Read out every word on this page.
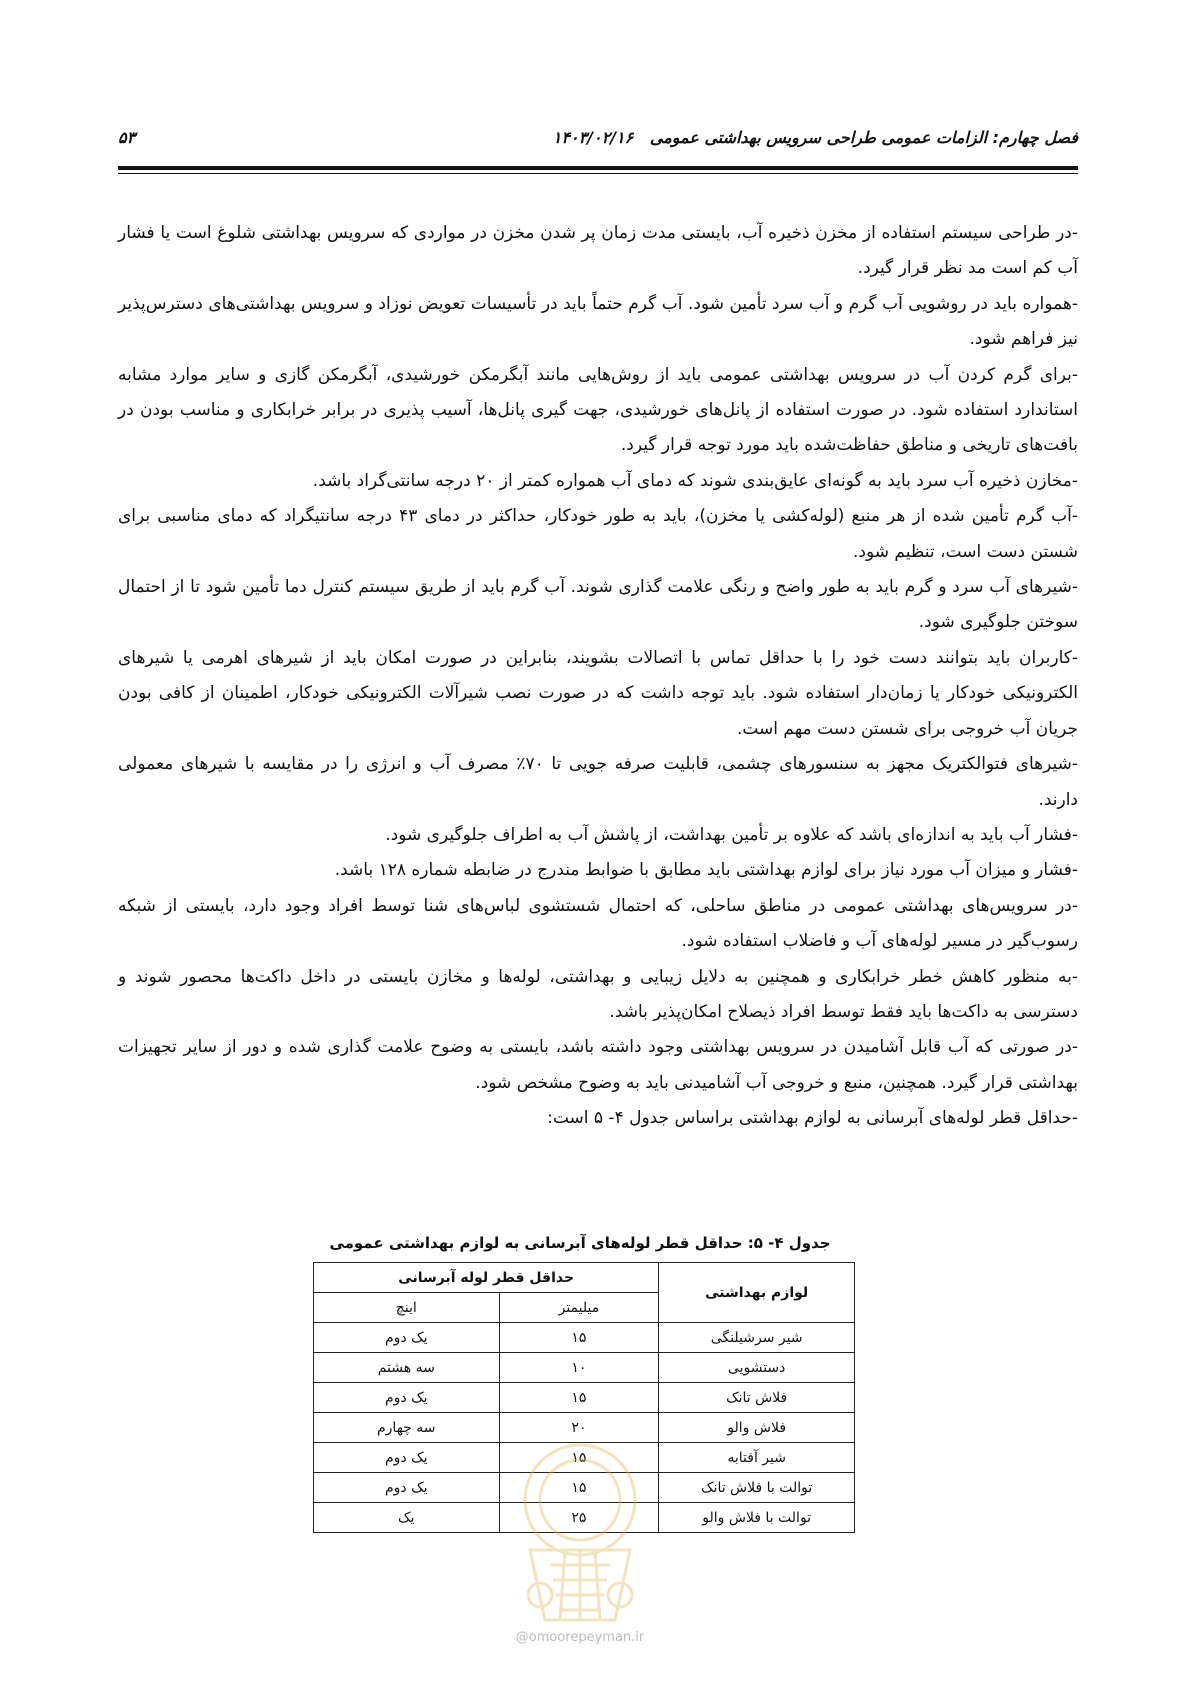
فصل چهارم: الزامات عمومی طراحی سرویس بهداشتی عمومی
۱۴۰۳/۰۲/۱۶
۵۳

-در طراحی سیستم استفاده از مخزن ذخیره آب، بایستی مدت زمان پر شدن مخزن در مواردی که سرویس بهداشتی شلوغ است یا فشار آب کم است مد نظر قرار گیرد.

-همواره باید در روشویی آب گرم و آب سرد تأمین شود. آب گرم حتماً باید در تأسیسات تعویض نوزاد و سرویس بهداشتی‌های دسترس‌پذیر نیز فراهم شود.

-برای گرم کردن آب در سرویس بهداشتی عمومی باید از روش‌هایی مانند آبگرمکن خورشیدی، آبگرمکن گازی و سایر موارد مشابه استاندارد استفاده شود. در صورت استفاده از پانل‌های خورشیدی، جهت گیری پانل‌ها، آسیب پذیری در برابر خرابکاری و مناسب بودن در بافت‌های تاریخی و مناطق حفاظت‌شده باید مورد توجه قرار گیرد.

-مخازن ذخیره آب سرد باید به گونه‌ای عایق‌بندی شوند که دمای آب همواره کمتر از ۲۰ درجه سانتی‌گراد باشد.

-آب گرم تأمین شده از هر منبع (لوله‌کشی یا مخزن)، باید به طور خودکار، حداکثر در دمای ۴۳ درجه سانتیگراد که دمای مناسبی برای شستن دست است، تنظیم شود.

-شیرهای آب سرد و گرم باید به طور واضح و رنگی علامت گذاری شوند. آب گرم باید از طریق سیستم کنترل دما تأمین شود تا از احتمال سوختن جلوگیری شود.

-کاربران باید بتوانند دست خود را با حداقل تماس با اتصالات بشویند، بنابراین در صورت امکان باید از شیرهای اهرمی یا شیرهای الکترونیکی خودکار یا زمان‌دار استفاده شود. باید توجه داشت که در صورت نصب شیرآلات الکترونیکی خودکار، اطمینان از کافی بودن جریان آب خروجی برای شستن دست مهم است.

-شیرهای فتوالکتریک مجهز به سنسورهای چشمی، قابلیت صرفه جویی تا ۷۰٪ مصرف آب و انرژی را در مقایسه با شیرهای معمولی دارند.

-فشار آب باید به اندازه‌ای باشد که علاوه بر تأمین بهداشت، از پاشش آب به اطراف جلوگیری شود.

-فشار و میزان آب مورد نیاز برای لوازم بهداشتی باید مطابق با ضوابط مندرج در ضابطه شماره ۱۲۸ باشد.

-در سرویس‌های بهداشتی عمومی در مناطق ساحلی، که احتمال شستشوی لباس‌های شنا توسط افراد وجود دارد، بایستی از شبکه رسوب‌گیر در مسیر لوله‌های آب و فاضلاب استفاده شود.

-به منظور کاهش خطر خرابکاری و همچنین به دلایل زیبایی و بهداشتی، لوله‌ها و مخازن بایستی در داخل داکت‌ها محصور شوند و دسترسی به داکت‌ها باید فقط توسط افراد ذیصلاح امکان‌پذیر باشد.

-در صورتی که آب قابل آشامیدن در سرویس بهداشتی وجود داشته باشد، بایستی به وضوح علامت گذاری شده و دور از سایر تجهیزات بهداشتی قرار گیرد. همچنین، منبع و خروجی آب آشامیدنی باید به وضوح مشخص شود.

-حداقل قطر لوله‌های آبرسانی به لوازم بهداشتی براساس جدول ۴- ۵ است:

جدول ۴- ۵: حداقل قطر لوله‌های آبرسانی به لوازم بهداشتی عمومی
لوازم بهداشتی	حداقل قطر لوله آبرسانی	
	میلیمتر	اینچ
شیر سرشیلنگی	۱۵	یک دوم
دستشویی	۱۰	سه هشتم
فلاش تانک	۱۵	یک دوم
فلاش والو	۲۰	سه چهارم
شیر آفتابه	۱۵	یک دوم
توالت با فلاش تانک	۱۵	یک دوم
توالت با فلاش والو	۲۵	یک
@omoorepeyman.ir
